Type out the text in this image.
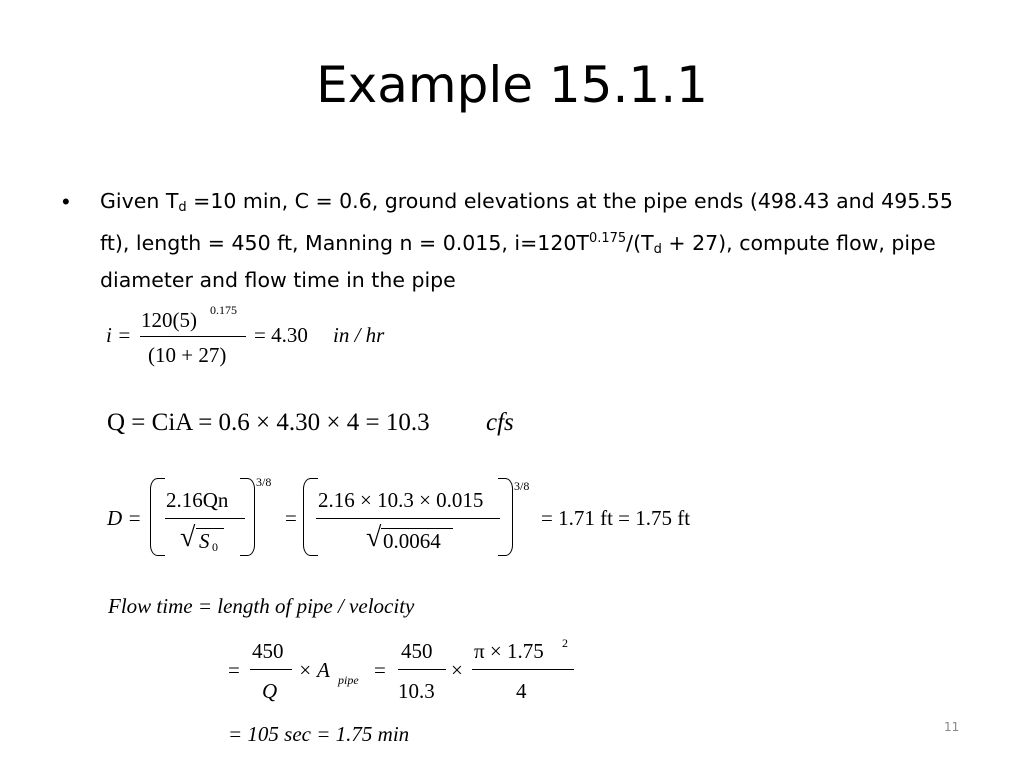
Example 15.1.1
• Given $T_d =10$ min, C = 0.6, ground elevations at the pipe ends (498.43 and 495.55 ft), length = 450 ft, Manning n = 0.015, $i=120T^{0.175}/(T_d + 27)$, compute flow, pipe diameter and flow time in the pipe
i =
120(5) 0.175
(10 + 27)
= 4.30 in / hr
Q = CiA = 0.6 × 4.30 × 4 = 10.3 cfs
D =
2.16Qn
√ S 0
3/8
=
2.16 × 10.3 × 0.015
√ 0.0064
3/8
= 1.71 ft = 1.75 ft
Flow time = length of pipe / velocity
=
450
Q
× A pipe =
450
10.3
×
π × 1.75 2
4
= 105 sec = 1.75 min	11
